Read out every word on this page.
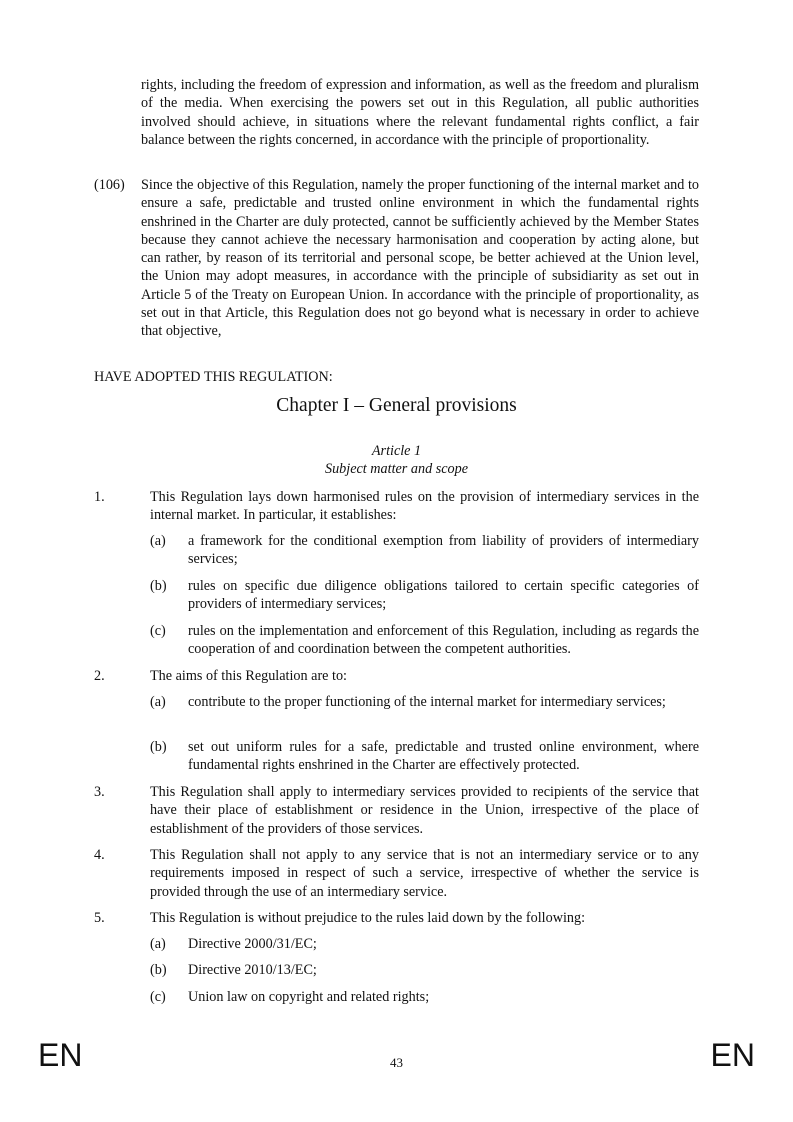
rights, including the freedom of expression and information, as well as the freedom and pluralism of the media. When exercising the powers set out in this Regulation, all public authorities involved should achieve, in situations where the relevant fundamental rights conflict, a fair balance between the rights concerned, in accordance with the principle of proportionality.
(106) Since the objective of this Regulation, namely the proper functioning of the internal market and to ensure a safe, predictable and trusted online environment in which the fundamental rights enshrined in the Charter are duly protected, cannot be sufficiently achieved by the Member States because they cannot achieve the necessary harmonisation and cooperation by acting alone, but can rather, by reason of its territorial and personal scope, be better achieved at the Union level, the Union may adopt measures, in accordance with the principle of subsidiarity as set out in Article 5 of the Treaty on European Union. In accordance with the principle of proportionality, as set out in that Article, this Regulation does not go beyond what is necessary in order to achieve that objective,
HAVE ADOPTED THIS REGULATION:
Chapter I – General provisions
Article 1
Subject matter and scope
1.	This Regulation lays down harmonised rules on the provision of intermediary services in the internal market. In particular, it establishes:
(a) a framework for the conditional exemption from liability of providers of intermediary services;
(b) rules on specific due diligence obligations tailored to certain specific categories of providers of intermediary services;
(c) rules on the implementation and enforcement of this Regulation, including as regards the cooperation of and coordination between the competent authorities.
2.	The aims of this Regulation are to:
(a) contribute to the proper functioning of the internal market for intermediary services;
(b) set out uniform rules for a safe, predictable and trusted online environment, where fundamental rights enshrined in the Charter are effectively protected.
3.	This Regulation shall apply to intermediary services provided to recipients of the service that have their place of establishment or residence in the Union, irrespective of the place of establishment of the providers of those services.
4.	This Regulation shall not apply to any service that is not an intermediary service or to any requirements imposed in respect of such a service, irrespective of whether the service is provided through the use of an intermediary service.
5.	This Regulation is without prejudice to the rules laid down by the following:
(a) Directive 2000/31/EC;
(b) Directive 2010/13/EC;
(c) Union law on copyright and related rights;
EN	43	EN
